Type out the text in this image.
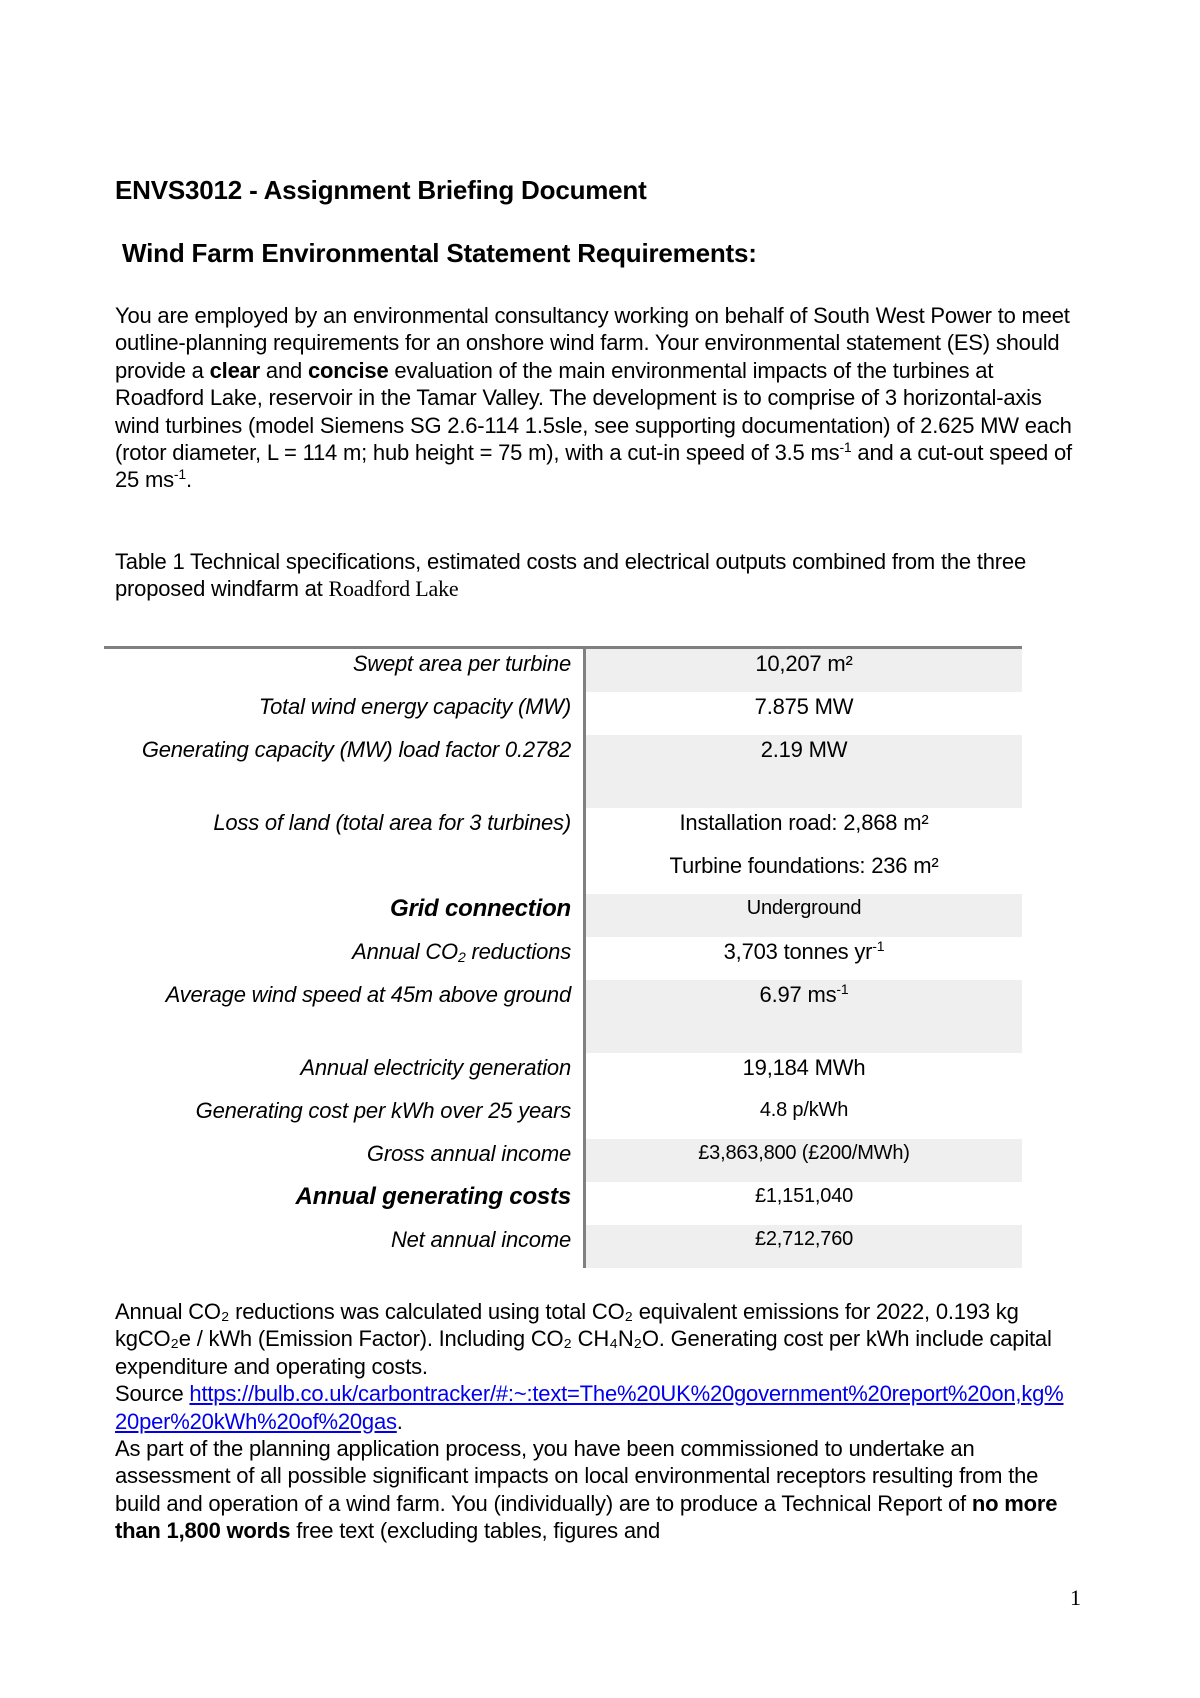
ENVS3012 - Assignment Briefing Document
Wind Farm Environmental Statement Requirements:
You are employed by an environmental consultancy working on behalf of South West Power to meet outline-planning requirements for an onshore wind farm. Your environmental statement (ES) should provide a clear and concise evaluation of the main environmental impacts of the turbines at Roadford Lake, reservoir in the Tamar Valley. The development is to comprise of 3 horizontal-axis wind turbines (model Siemens SG 2.6-114 1.5sle, see supporting documentation) of 2.625 MW each (rotor diameter, L = 114 m; hub height = 75 m), with a cut-in speed of 3.5 $ms^{-1}$ and a cut-out speed of 25 $ms^{-1}$.
Table 1 Technical specifications, estimated costs and electrical outputs combined from the three proposed windfarm at Roadford Lake
Swept area per turbine	10,207 m²
Total wind energy capacity (MW)	7.875 MW
Generating capacity (MW) load factor 0.2782	2.19 MW
Loss of land (total area for 3 turbines)	Installation road: 2,868 m²
Turbine foundations: 236 m²

Grid connection	Underground
Annual $CO_2$ reductions	3,703 tonnes $yr^{-1}$
Average wind speed at 45m above ground	6.97 $ms^{-1}$
Annual electricity generation	19,184 MWh
Generating cost per kWh over 25 years	4.8 p/kWh
Gross annual income	£3,863,800 (£200/MWh)
Annual generating costs	£1,151,040
Net annual income	£2,712,760
Annual CO₂ reductions was calculated using total CO₂ equivalent emissions for 2022, 0.193 kg kgCO₂e / kWh (Emission Factor). Including CO₂ CH₄N₂O. Generating cost per kWh include capital expenditure and operating costs.
Source https://bulb.co.uk/carbontracker/#:~:text=The%20UK%20government%20report%20on,kg%20per%20kWh%20of%20gas.
As part of the planning application process, you have been commissioned to undertake an assessment of all possible significant impacts on local environmental receptors resulting from the build and operation of a wind farm. You (individually) are to produce a Technical Report of no more than 1,800 words free text (excluding tables, figures and
1
